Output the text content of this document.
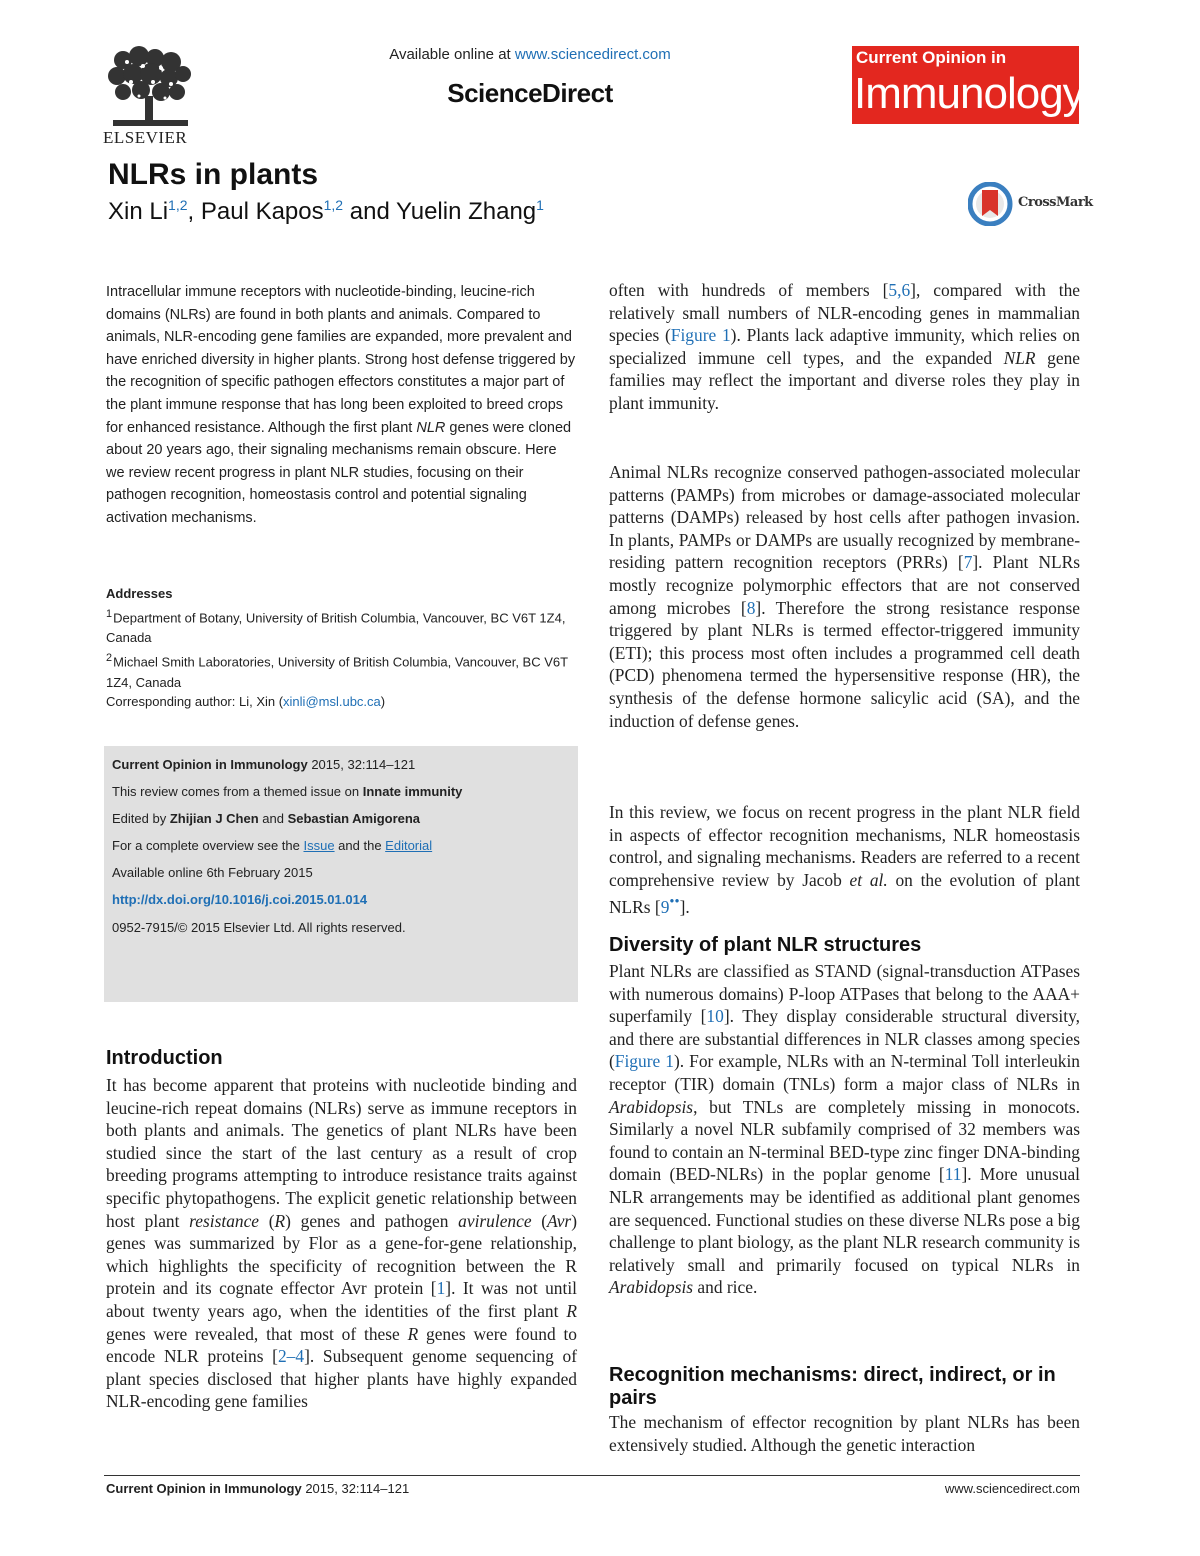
ELSEVIER
Available online at www.sciencedirect.com
ScienceDirect
Current Opinion in
Immunology
NLRs in plants
Xin Li$^{1,2}$, Paul Kapos$^{1,2}$ and Yuelin Zhang$^1$	CrossMark
Intracellular immune receptors with nucleotide-binding, leucine-rich domains (NLRs) are found in both plants and animals. Compared to animals, NLR-encoding gene families are expanded, more prevalent and have enriched diversity in higher plants. Strong host defense triggered by the recognition of specific pathogen effectors constitutes a major part of the plant immune response that has long been exploited to breed crops for enhanced resistance. Although the first plant NLR genes were cloned about 20 years ago, their signaling mechanisms remain obscure. Here we review recent progress in plant NLR studies, focusing on their pathogen recognition, homeostasis control and potential signaling activation mechanisms.
Addresses
$^1$ Department of Botany, University of British Columbia, Vancouver, BC V6T 1Z4, Canada
$^2$ Michael Smith Laboratories, University of British Columbia, Vancouver, BC V6T 1Z4, Canada
Corresponding author: Li, Xin (xinli@msl.ubc.ca)
Current Opinion in Immunology 2015, 32:114–121
This review comes from a themed issue on Innate immunity
Edited by Zhijian J Chen and Sebastian Amigorena
For a complete overview see the Issue and the Editorial
Available online 6th February 2015
http://dx.doi.org/10.1016/j.coi.2015.01.014
0952-7915/© 2015 Elsevier Ltd. All rights reserved.
Introduction

It has become apparent that proteins with nucleotide binding and leucine-rich repeat domains (NLRs) serve as immune receptors in both plants and animals. The genetics of plant NLRs have been studied since the start of the last century as a result of crop breeding programs attempting to introduce resistance traits against specific phytopathogens. The explicit genetic relationship between host plant resistance (R) genes and pathogen avirulence (Avr) genes was summarized by Flor as a gene-for-gene relationship, which highlights the specificity of recognition between the R protein and its cognate effector Avr protein [1]. It was not until about twenty years ago, when the identities of the first plant R genes were revealed, that most of these R genes were found to encode NLR proteins [2–4]. Subsequent genome sequencing of plant species disclosed that higher plants have highly expanded NLR-encoding gene families

often with hundreds of members [5,6], compared with the relatively small numbers of NLR-encoding genes in mammalian species (Figure 1). Plants lack adaptive immunity, which relies on specialized immune cell types, and the expanded NLR gene families may reflect the important and diverse roles they play in plant immunity.

Animal NLRs recognize conserved pathogen-associated molecular patterns (PAMPs) from microbes or damage-associated molecular patterns (DAMPs) released by host cells after pathogen invasion. In plants, PAMPs or DAMPs are usually recognized by membrane-residing pattern recognition receptors (PRRs) [7]. Plant NLRs mostly recognize polymorphic effectors that are not conserved among microbes [8]. Therefore the strong resistance response triggered by plant NLRs is termed effector-triggered immunity (ETI); this process most often includes a programmed cell death (PCD) phenomena termed the hypersensitive response (HR), the synthesis of the defense hormone salicylic acid (SA), and the induction of defense genes.

In this review, we focus on recent progress in the plant NLR field in aspects of effector recognition mechanisms, NLR homeostasis control, and signaling mechanisms. Readers are referred to a recent comprehensive review by Jacob et al. on the evolution of plant NLRs [9••].

Diversity of plant NLR structures

Plant NLRs are classified as STAND (signal-transduction ATPases with numerous domains) P-loop ATPases that belong to the AAA+ superfamily [10]. They display considerable structural diversity, and there are substantial differences in NLR classes among species (Figure 1). For example, NLRs with an N-terminal Toll interleukin receptor (TIR) domain (TNLs) form a major class of NLRs in Arabidopsis, but TNLs are completely missing in monocots. Similarly a novel NLR subfamily comprised of 32 members was found to contain an N-terminal BED-type zinc finger DNA-binding domain (BED-NLRs) in the poplar genome [11]. More unusual NLR arrangements may be identified as additional plant genomes are sequenced. Functional studies on these diverse NLRs pose a big challenge to plant biology, as the plant NLR research community is relatively small and primarily focused on typical NLRs in Arabidopsis and rice.

Recognition mechanisms: direct, indirect, or in pairs

The mechanism of effector recognition by plant NLRs has been extensively studied. Although the genetic interaction

Current Opinion in Immunology 2015, 32:114–121	www.sciencedirect.com
